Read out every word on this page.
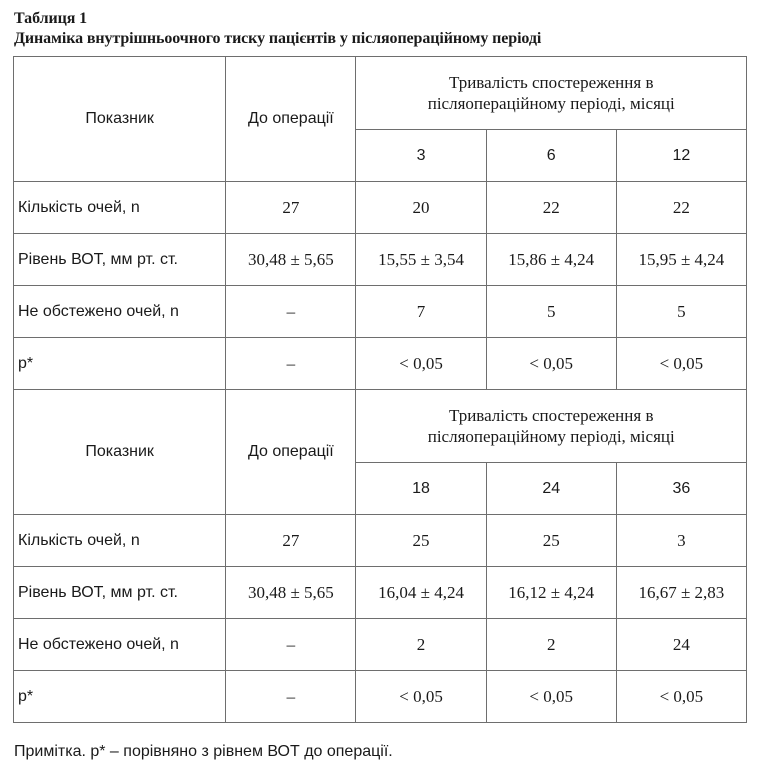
Таблиця 1
Динаміка внутрішньоочного тиску пацієнтів у післяопераційному періоді
Показник	До операції	Тривалість спостереження в
післяопераційному періоді, місяці		

		3	6	12
Кількість очей, n	27	20	22	22
Рівень ВОТ, мм рт. ст.	30,48 ± 5,65	15,55 ± 3,54	15,86 ± 4,24	15,95 ± 4,24
Не обстежено очей, n	–	7	5	5
p*	–	< 0,05	< 0,05	< 0,05
Показник	До операції	Тривалість спостереження в
післяопераційному періоді, місяці		

		18	24	36
Кількість очей, n	27	25	25	3
Рівень ВОТ, мм рт. ст.	30,48 ± 5,65	16,04 ± 4,24	16,12 ± 4,24	16,67 ± 2,83
Не обстежено очей, n	–	2	2	24
p*	–	< 0,05	< 0,05	< 0,05
Примітка. p* – порівняно з рівнем ВОТ до операції.
